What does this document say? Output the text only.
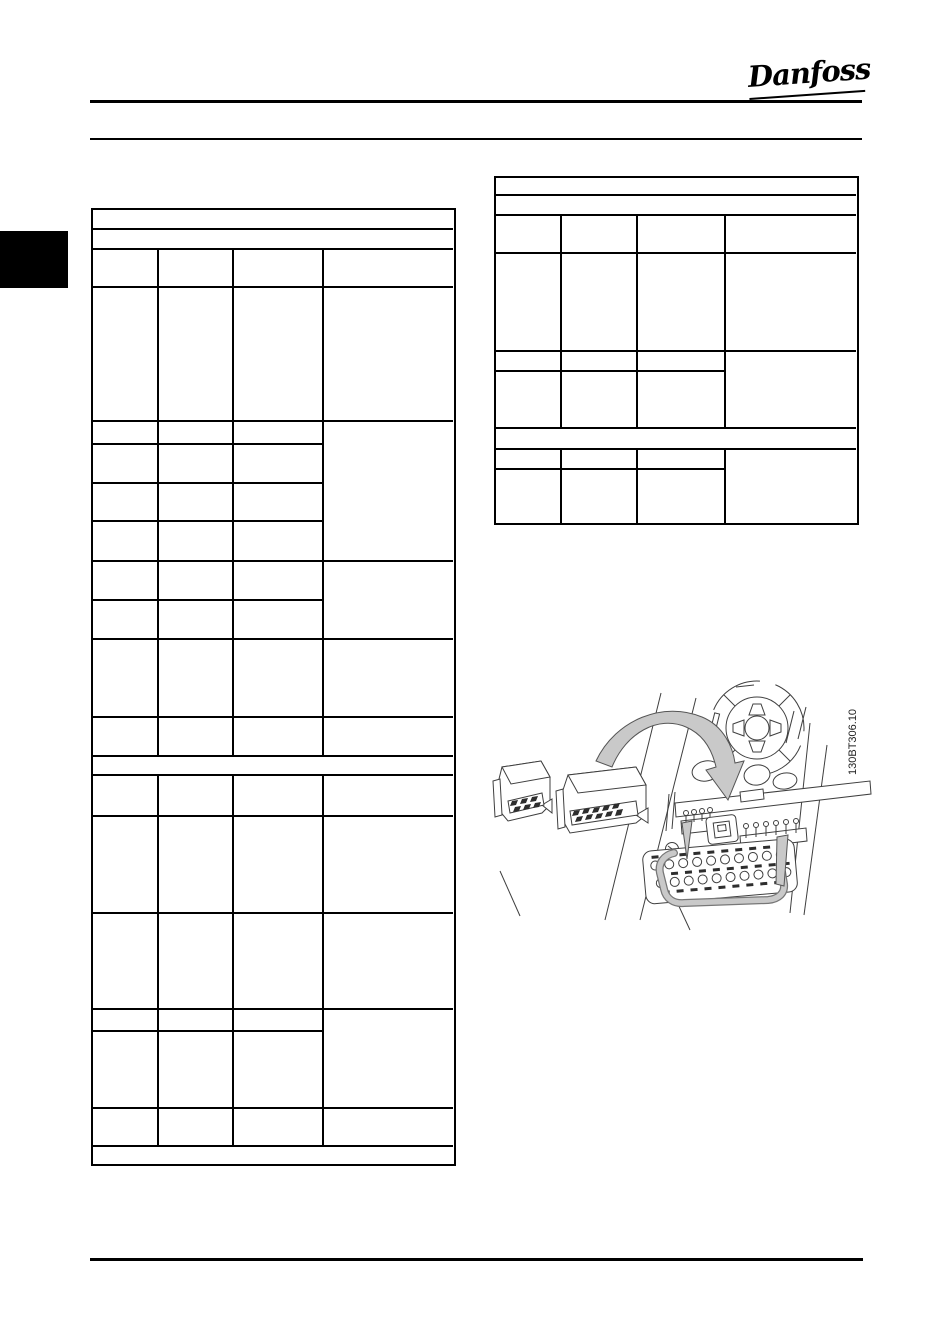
Danfoss
130BT306.10
